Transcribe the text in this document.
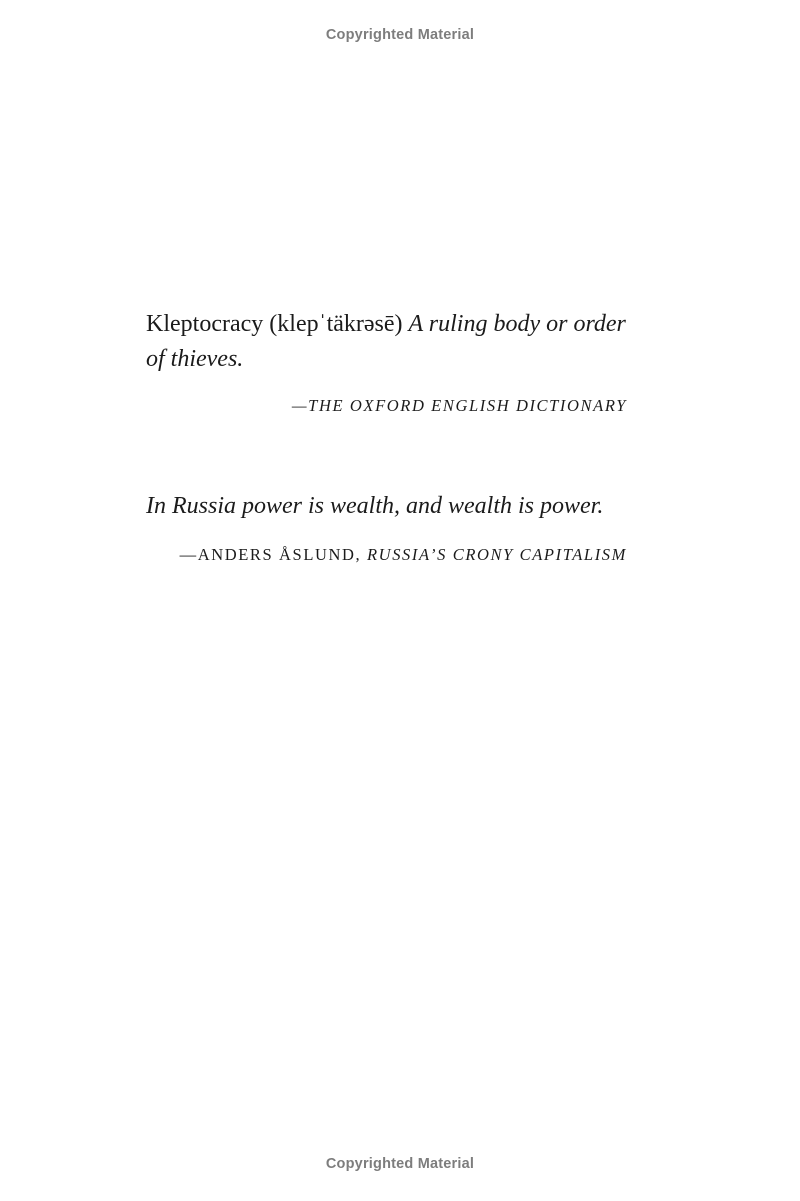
Copyrighted Material
Kleptocracy (klepˈtäkrəsē) A ruling body or order
of thieves.
—THE OXFORD ENGLISH DICTIONARY
In Russia power is wealth, and wealth is power.
—ANDERS ÅSLUND, RUSSIA’S CRONY CAPITALISM
Copyrighted Material
